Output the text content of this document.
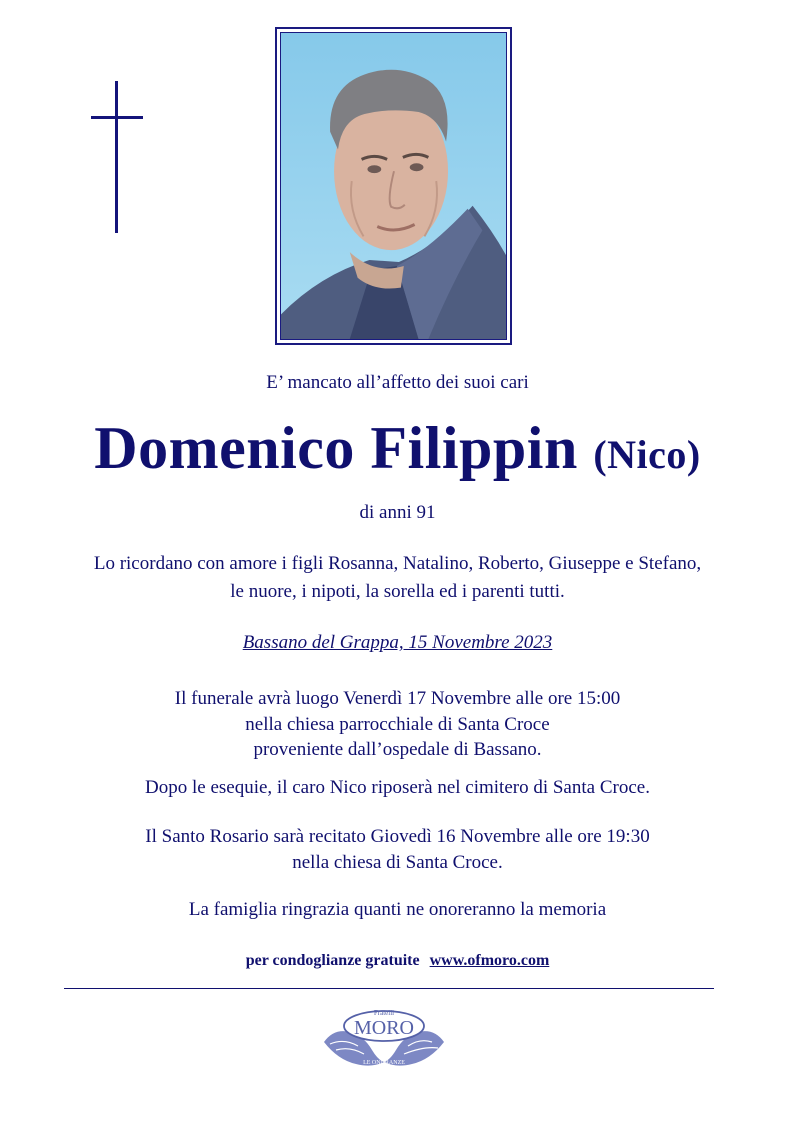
E’ mancato all’affetto dei suoi cari
Domenico Filippin (Nico)
di anni 91
Lo ricordano con amore i figli Rosanna, Natalino, Roberto, Giuseppe e Stefano,
le nuore, i nipoti, la sorella ed i parenti tutti.
Bassano del Grappa, 15 Novembre 2023
Il funerale avrà luogo Venerdì 17 Novembre alle ore 15:00
nella chiesa parrocchiale di Santa Croce
proveniente dall’ospedale di Bassano.
Dopo le esequie, il caro Nico riposerà nel cimitero di Santa Croce.
Il Santo Rosario sarà recitato Giovedì 16 Novembre alle ore 19:30
nella chiesa di Santa Croce.
La famiglia ringrazia quanti ne onoreranno la memoria
per condoglianze gratuite www.ofmoro.com
Fratelli
MORO
LE ONORANZE
